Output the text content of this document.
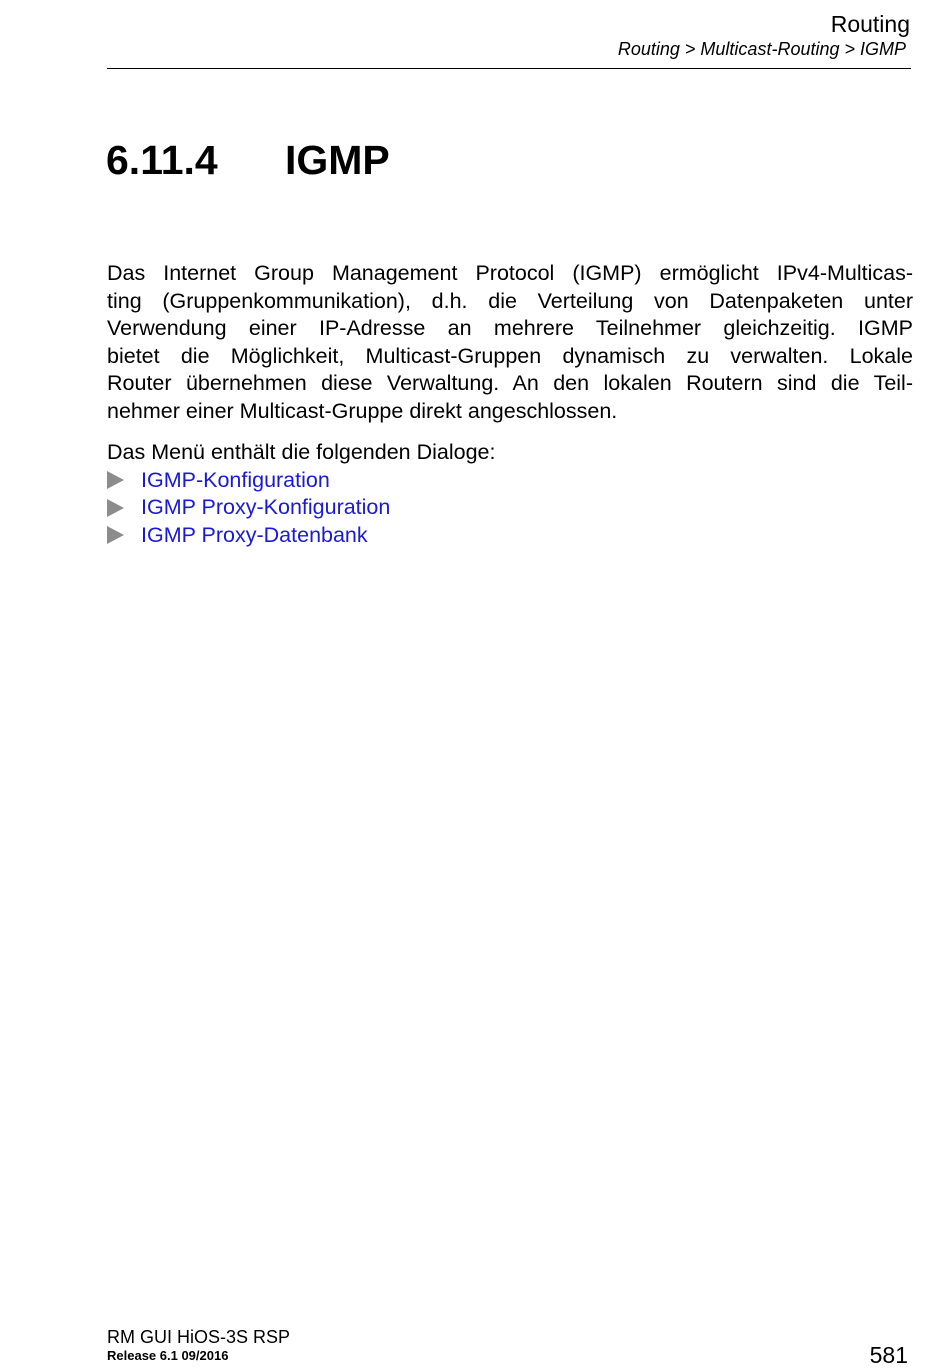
Routing
Routing > Multicast-Routing > IGMP
6.11.4 IGMP
Das Internet Group Management Protocol (IGMP) ermöglicht IPv4-Multicas-
ting (Gruppenkommunikation), d.h. die Verteilung von Datenpaketen unter
Verwendung einer IP-Adresse an mehrere Teilnehmer gleichzeitig. IGMP
bietet die Möglichkeit, Multicast-Gruppen dynamisch zu verwalten. Lokale
Router übernehmen diese Verwaltung. An den lokalen Routern sind die Teil-
nehmer einer Multicast-Gruppe direkt angeschlossen.
Das Menü enthält die folgenden Dialoge:
IGMP-Konfiguration
IGMP Proxy-Konfiguration
IGMP Proxy-Datenbank
RM GUI HiOS-3S RSP
Release 6.1 09/2016	581
